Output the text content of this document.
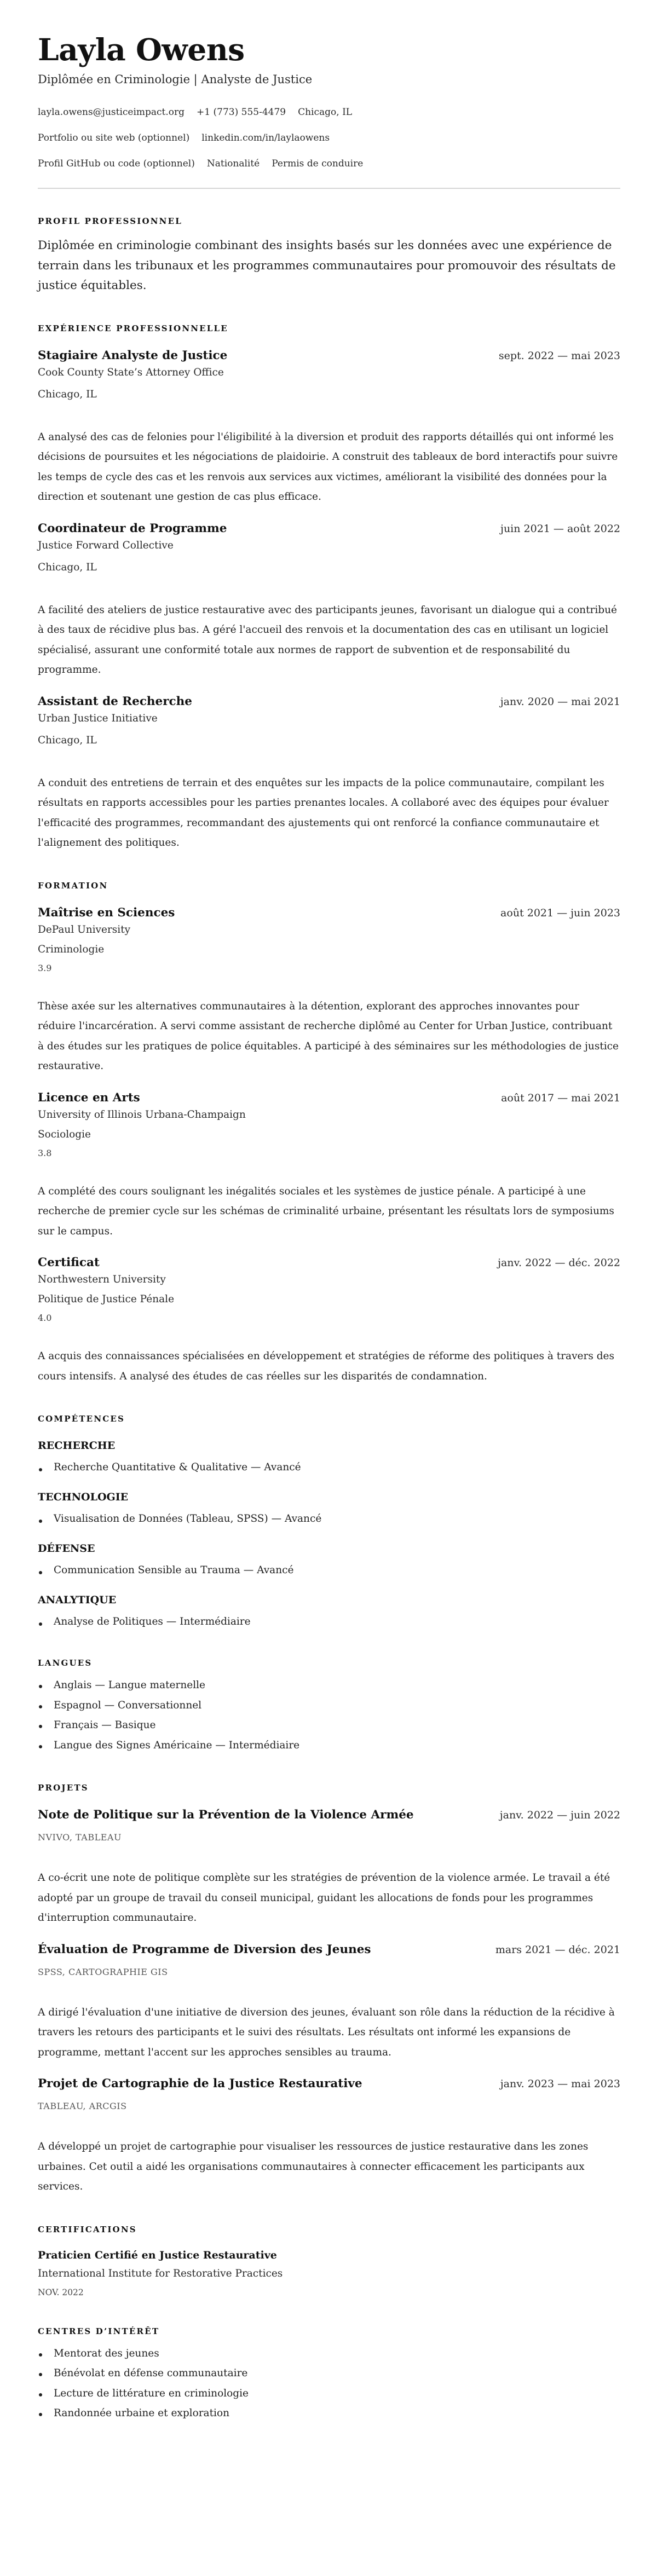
Layla Owens
Diplômée en Criminologie | Analyste de Justice
layla.owens@justiceimpact.org +1 (773) 555-4479 Chicago, IL
Portfolio ou site web (optionnel) linkedin.com/in/laylaowens
Profil GitHub ou code (optionnel) Nationalité Permis de conduire
PROFIL PROFESSIONNEL

Diplômée en criminologie combinant des insights basés sur les données avec une expérience de terrain dans les tribunaux et les programmes communautaires pour promouvoir des résultats de justice équitables.

EXPÉRIENCE PROFESSIONNELLE
Stagiaire Analyste de Justice	sept. 2022 — mai 2023
Cook County State’s Attorney Office
Chicago, IL

A analysé des cas de felonies pour l'éligibilité à la diversion et produit des rapports détaillés qui ont informé les décisions de poursuites et les négociations de plaidoirie. A construit des tableaux de bord interactifs pour suivre les temps de cycle des cas et les renvois aux services aux victimes, améliorant la visibilité des données pour la direction et soutenant une gestion de cas plus efficace.

Coordinateur de Programme	juin 2021 — août 2022
Justice Forward Collective
Chicago, IL

A facilité des ateliers de justice restaurative avec des participants jeunes, favorisant un dialogue qui a contribué à des taux de récidive plus bas. A géré l'accueil des renvois et la documentation des cas en utilisant un logiciel spécialisé, assurant une conformité totale aux normes de rapport de subvention et de responsabilité du programme.

Assistant de Recherche	janv. 2020 — mai 2021
Urban Justice Initiative
Chicago, IL

A conduit des entretiens de terrain et des enquêtes sur les impacts de la police communautaire, compilant les résultats en rapports accessibles pour les parties prenantes locales. A collaboré avec des équipes pour évaluer l'efficacité des programmes, recommandant des ajustements qui ont renforcé la confiance communautaire et l'alignement des politiques.

FORMATION
Maîtrise en Sciences	août 2021 — juin 2023
DePaul University
Criminologie
3.9

Thèse axée sur les alternatives communautaires à la détention, explorant des approches innovantes pour réduire l'incarcération. A servi comme assistant de recherche diplômé au Center for Urban Justice, contribuant à des études sur les pratiques de police équitables. A participé à des séminaires sur les méthodologies de justice restaurative.

Licence en Arts	août 2017 — mai 2021
University of Illinois Urbana-Champaign
Sociologie
3.8

A complété des cours soulignant les inégalités sociales et les systèmes de justice pénale. A participé à une recherche de premier cycle sur les schémas de criminalité urbaine, présentant les résultats lors de symposiums sur le campus.

Certificat	janv. 2022 — déc. 2022
Northwestern University
Politique de Justice Pénale
4.0

A acquis des connaissances spécialisées en développement et stratégies de réforme des politiques à travers des cours intensifs. A analysé des études de cas réelles sur les disparités de condamnation.

COMPÉTENCES
RECHERCHE
Recherche Quantitative & Qualitative — Avancé
TECHNOLOGIE
Visualisation de Données (Tableau, SPSS) — Avancé
DÉFENSE
Communication Sensible au Trauma — Avancé
ANALYTIQUE
Analyse de Politiques — Intermédiaire
LANGUES
Anglais — Langue maternelle
Espagnol — Conversationnel
Français — Basique
Langue des Signes Américaine — Intermédiaire
PROJETS
Note de Politique sur la Prévention de la Violence Armée	janv. 2022 — juin 2022
NVIVO, TABLEAU

A co-écrit une note de politique complète sur les stratégies de prévention de la violence armée. Le travail a été adopté par un groupe de travail du conseil municipal, guidant les allocations de fonds pour les programmes d'interruption communautaire.

Évaluation de Programme de Diversion des Jeunes	mars 2021 — déc. 2021
SPSS, CARTOGRAPHIE GIS

A dirigé l'évaluation d'une initiative de diversion des jeunes, évaluant son rôle dans la réduction de la récidive à travers les retours des participants et le suivi des résultats. Les résultats ont informé les expansions de programme, mettant l'accent sur les approches sensibles au trauma.

Projet de Cartographie de la Justice Restaurative	janv. 2023 — mai 2023
TABLEAU, ARCGIS

A développé un projet de cartographie pour visualiser les ressources de justice restaurative dans les zones urbaines. Cet outil a aidé les organisations communautaires à connecter efficacement les participants aux services.

CERTIFICATIONS
Praticien Certifié en Justice Restaurative
International Institute for Restorative Practices
NOV. 2022
CENTRES D’INTÉRÊT
Mentorat des jeunes
Bénévolat en défense communautaire
Lecture de littérature en criminologie
Randonnée urbaine et exploration
